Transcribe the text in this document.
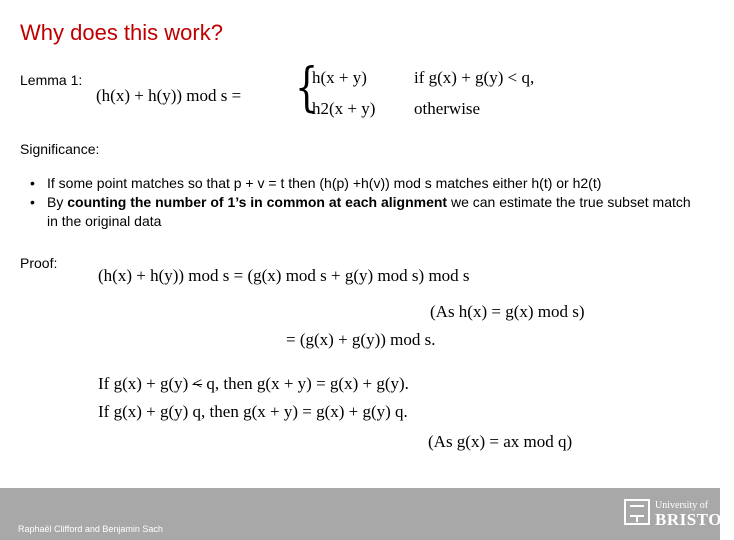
Why does this work?
Lemma 1:
(h(x) + h(y)) mod s = {
h(x + y)	if g(x) + g(y) < q,
h2(x + y) otherwise
Significance:
• If some point matches so that p + v = t then (h(p) +h(v)) mod s matches either h(t) or h2(t)
• By counting the number of 1’s in common at each alignment we can estimate the true subset match in the original data
Proof:
(h(x) + h(y)) mod s = (g(x) mod s + g(y) mod s) mod s
(As h(x) = g(x) mod s)
= (g(x) + g(y)) mod s.
If g(x) + g(y) < q, then g(x + y) = g(x) + g(y).
If g(x) + g(y) q, then g(x + y) = g(x) + g(y) q.
(As g(x) = ax mod q)
Fast Approximate Point Set Matching for Information Retrieval
Raphaël Clifford and Benjamin Sach
University of
BRISTOL
